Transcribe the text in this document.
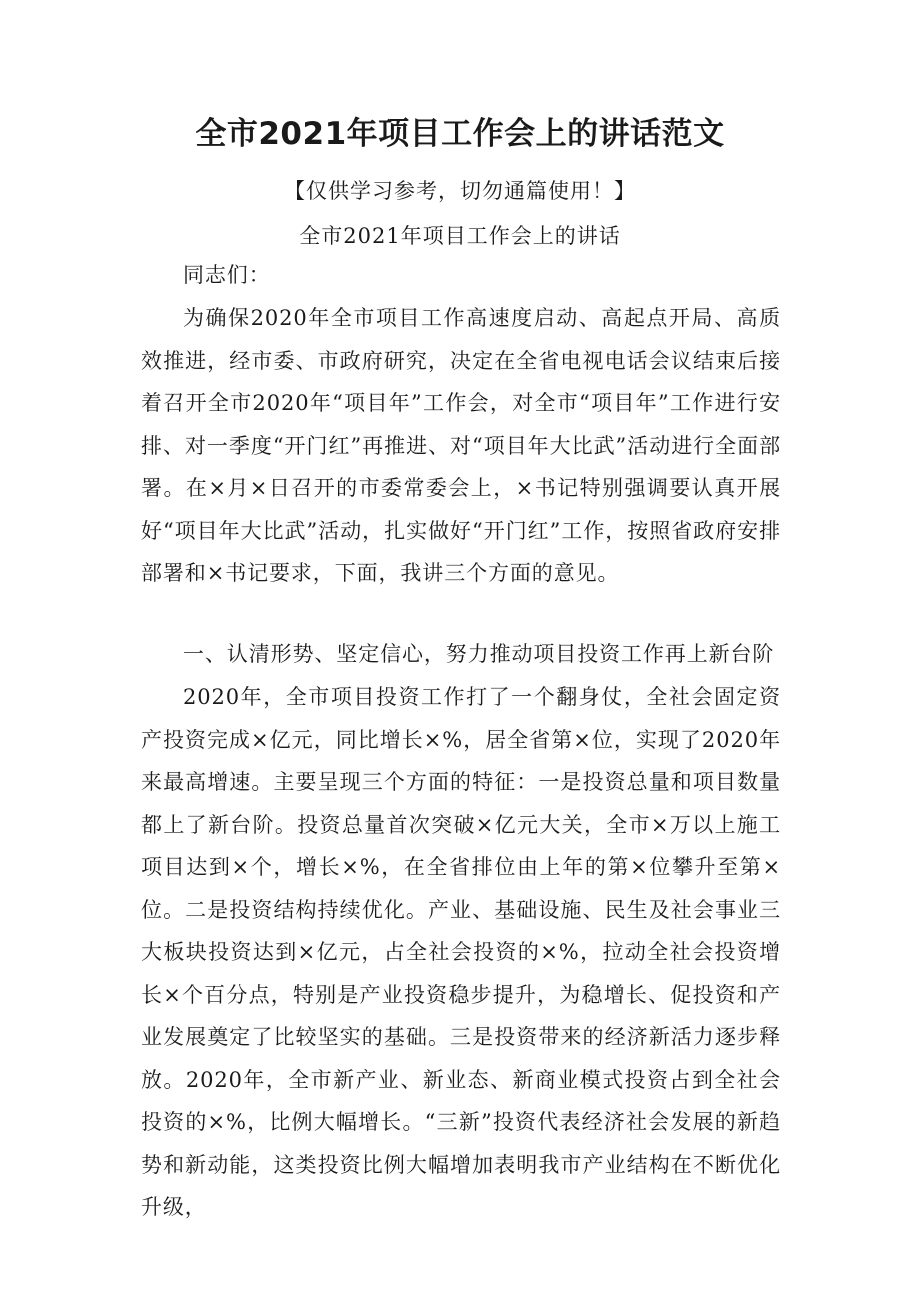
全市2021年项目工作会上的讲话范文
【仅供学习参考，切勿通篇使用！】
全市2021年项目工作会上的讲话

同志们：

为确保2020年全市项目工作高速度启动、高起点开局、高质效推进，经市委、市政府研究，决定在全省电视电话会议结束后接着召开全市2020年“项目年”工作会，对全市“项目年”工作进行安排、对一季度“开门红”再推进、对“项目年大比武”活动进行全面部署。在×月×日召开的市委常委会上，×书记特别强调要认真开展好“项目年大比武”活动，扎实做好“开门红”工作，按照省政府安排部署和×书记要求，下面，我讲三个方面的意见。

一、认清形势、坚定信心，努力推动项目投资工作再上新台阶

2020年，全市项目投资工作打了一个翻身仗，全社会固定资产投资完成×亿元，同比增长×%，居全省第×位，实现了2020年来最高增速。主要呈现三个方面的特征：一是投资总量和项目数量都上了新台阶。投资总量首次突破×亿元大关，全市×万以上施工项目达到×个，增长×%，在全省排位由上年的第×位攀升至第×位。二是投资结构持续优化。产业、基础设施、民生及社会事业三大板块投资达到×亿元，占全社会投资的×%，拉动全社会投资增长×个百分点，特别是产业投资稳步提升，为稳增长、促投资和产业发展奠定了比较坚实的基础。三是投资带来的经济新活力逐步释放。2020年，全市新产业、新业态、新商业模式投资占到全社会投资的×%，比例大幅增长。“三新”投资代表经济社会发展的新趋势和新动能，这类投资比例大幅增加表明我市产业结构在不断优化升级，
